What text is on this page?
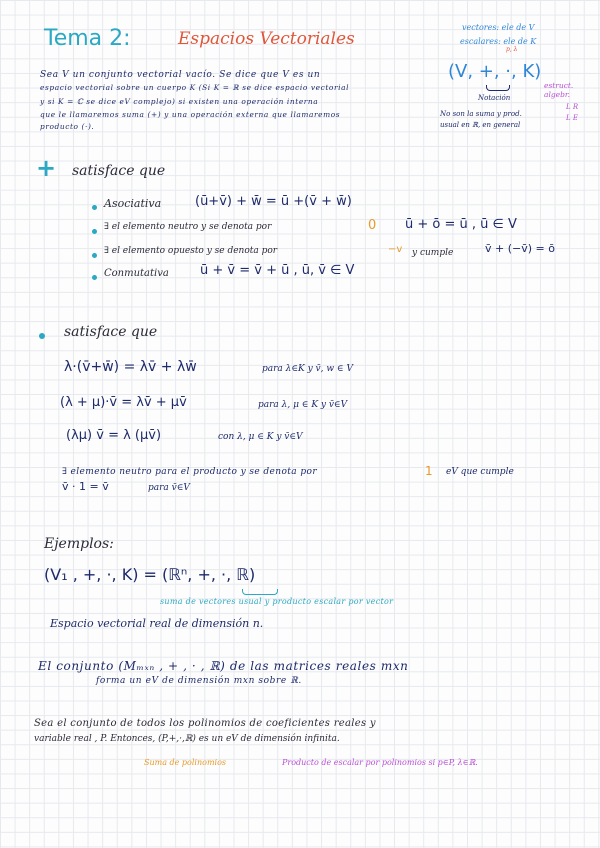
Tema 2:	Espacios Vectoriales
vectores: ele de V
escalares: ele de K
p, λ
(V, +, ·, K)
Notación
estruct. algebr.
L R
L E
No son la suma y prod.
usual en ℝ, en general
Sea V un conjunto vectorial vacío. Se dice que V es un
espacio vectorial sobre un cuerpo K (Si K = ℝ se dice espacio vectorial
y si K = ℂ se dice eV complejo) si existen una operación interna
que le llamaremos suma (+) y una operación externa que llamaremos
producto (·).
+ satisface que
Asociativa	(ū+v̄) + w̄ = ū +(v̄ + w̄)
∃ el elemento neutro y se denota por	0 ū + ō = ū , ū ∈ V
∃ el elemento opuesto y se denota por	−v y cumple	v̄ + (−v̄) = ō
Conmutativa ū + v̄ = v̄ + ū , ū, v̄ ∈ V
satisface que
λ·(v̄+w̄) = λv̄ + λw̄	para λ∈K y v̄, w ∈ V
(λ + μ)·v̄ = λv̄ + μv̄	para λ, μ ∈ K y v̄∈V
(λμ) v̄ = λ (μv̄)	con λ, μ ∈ K y v̄∈V
∃ elemento neutro para el producto y se denota por	1 eV que cumple
v̄ · 1 = v̄	para v̄∈V
Ejemplos:
(V₁ , +, ·, K) = (ℝⁿ, +, ·, ℝ)
suma de vectores usual y producto escalar por vector
Espacio vectorial real de dimensión n.
El conjunto (Mₘₓₙ , + , · , ℝ) de las matrices reales mxn
forma un eV de dimensión mxn sobre ℝ.
Sea el conjunto de todos los polinomios de coeficientes reales y
variable real , P. Entonces, (P,+,·,ℝ) es un eV de dimensión infinita.
Suma de polinomios	Producto de escalar por polinomios si p∈P, λ∈ℝ.
